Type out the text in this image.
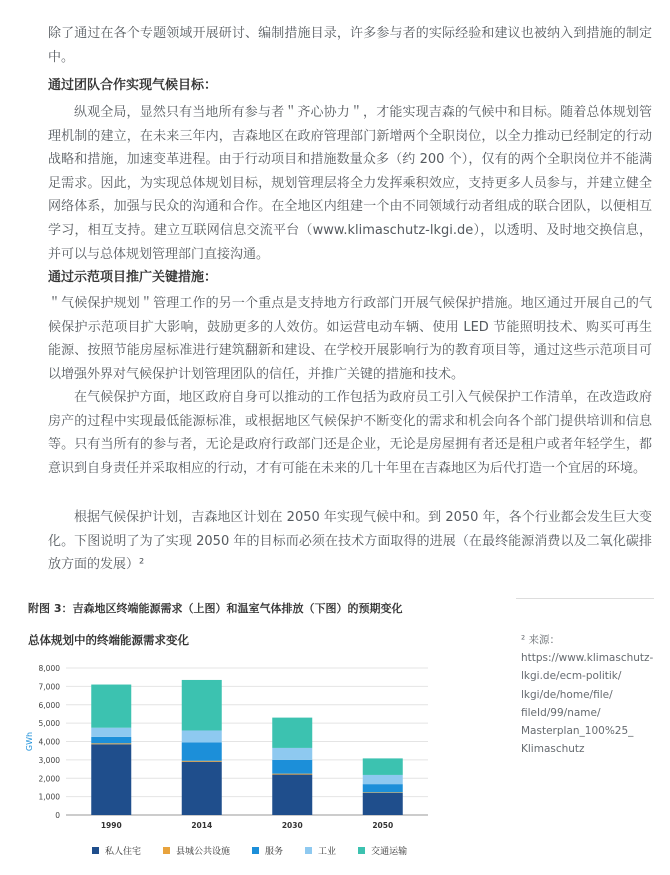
除了通过在各个专题领域开展研讨、编制措施目录，许多参与者的实际经验和建议也被纳入到措施的制定中。

通过团队合作实现气候目标：

纵观全局，显然只有当地所有参与者＂齐心协力＂，才能实现吉森的气候中和目标。随着总体规划管理机制的建立，在未来三年内，吉森地区在政府管理部门新增两个全职岗位，以全力推动已经制定的行动战略和措施，加速变革进程。由于行动项目和措施数量众多（约 200 个），仅有的两个全职岗位并不能满足需求。因此，为实现总体规划目标，规划管理层将全力发挥乘积效应，支持更多人员参与，并建立健全网络体系，加强与民众的沟通和合作。在全地区内组建一个由不同领域行动者组成的联合团队，以便相互学习，相互支持。建立互联网信息交流平台（www.klimaschutz-lkgi.de），以透明、及时地交换信息，并可以与总体规划管理部门直接沟通。

通过示范项目推广关键措施：

＂气候保护规划＂管理工作的另一个重点是支持地方行政部门开展气候保护措施。地区通过开展自己的气候保护示范项目扩大影响，鼓励更多的人效仿。如运营电动车辆、使用 LED 节能照明技术、购买可再生能源、按照节能房屋标准进行建筑翻新和建设、在学校开展影响行为的教育项目等，通过这些示范项目可以增强外界对气候保护计划管理团队的信任，并推广关键的措施和技术。

在气候保护方面，地区政府自身可以推动的工作包括为政府员工引入气候保护工作清单，在改造政府房产的过程中实现最低能源标准，或根据地区气候保护不断变化的需求和机会向各个部门提供培训和信息等。只有当所有的参与者，无论是政府行政部门还是企业，无论是房屋拥有者还是租户或者年轻学生，都意识到自身责任并采取相应的行动，才有可能在未来的几十年里在吉森地区为后代打造一个宜居的环境。

根据气候保护计划，吉森地区计划在 2050 年实现气候中和。到 2050 年，各个行业都会发生巨大变化。下图说明了为了实现 2050 年的目标而必须在技术方面取得的进展（在最终能源消费以及二氧化碳排放方面的发展）²

附图 3：吉森地区终端能源需求（上图）和温室气体排放（下图）的预期变化
总体规划中的终端能源需求变化	² 来源：
https://www.klimaschutz-
lkgi.de/ecm-politik/
lkgi/de/home/file/
fileId/99/name/
Masterplan_100%25_
Klimaschutz
0
1,000
2,000
3,000
4,000
5,000
6,000
7,000
8,000
GWh
1990	2014	2030	2050
私人住宅	县城公共设施	服务	工业	交通运输
